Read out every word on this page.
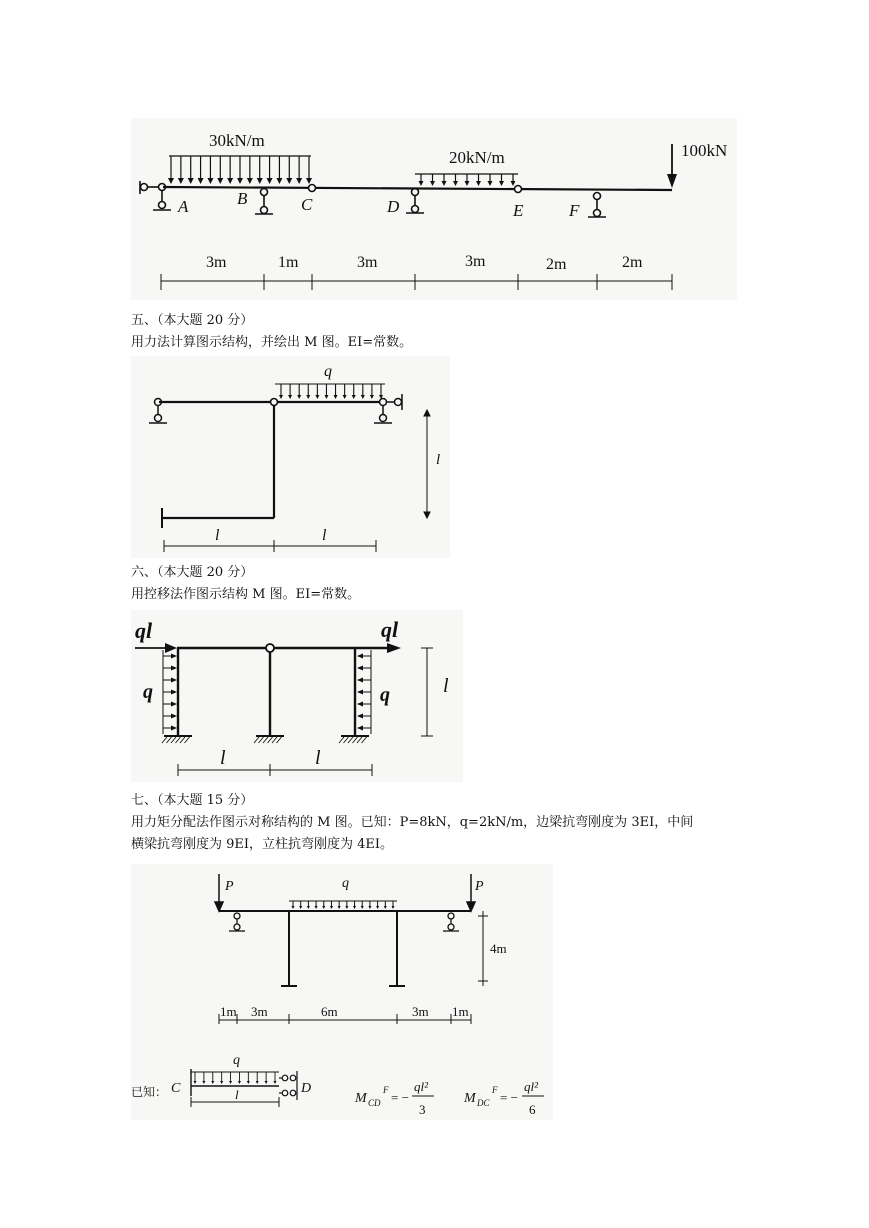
30kN/m
20kN/m	100kN
A	B	C	D	E	F
3m	1m	3m	3m	2m	2m
五、（本大题 20 分）
用力法计算图示结构，并绘出 M 图。EI=常数。
q
l
l	l
六、（本大题 20 分）
用控移法作图示结构 M 图。EI=常数。
ql	ql
q	q	l
l	l
七、（本大题 15 分）
用力矩分配法作图示对称结构的 M 图。已知：P=8kN，q=2kN/m，边梁抗弯刚度为 3EI，中间
横梁抗弯刚度为 9EI，立柱抗弯刚度为 4EI。
P	P
q
4m
1m 3m	6m	3m 1m
已知： C	D
q
l	M CD
F = −
ql²
3
M DC
F = −
ql²
6
